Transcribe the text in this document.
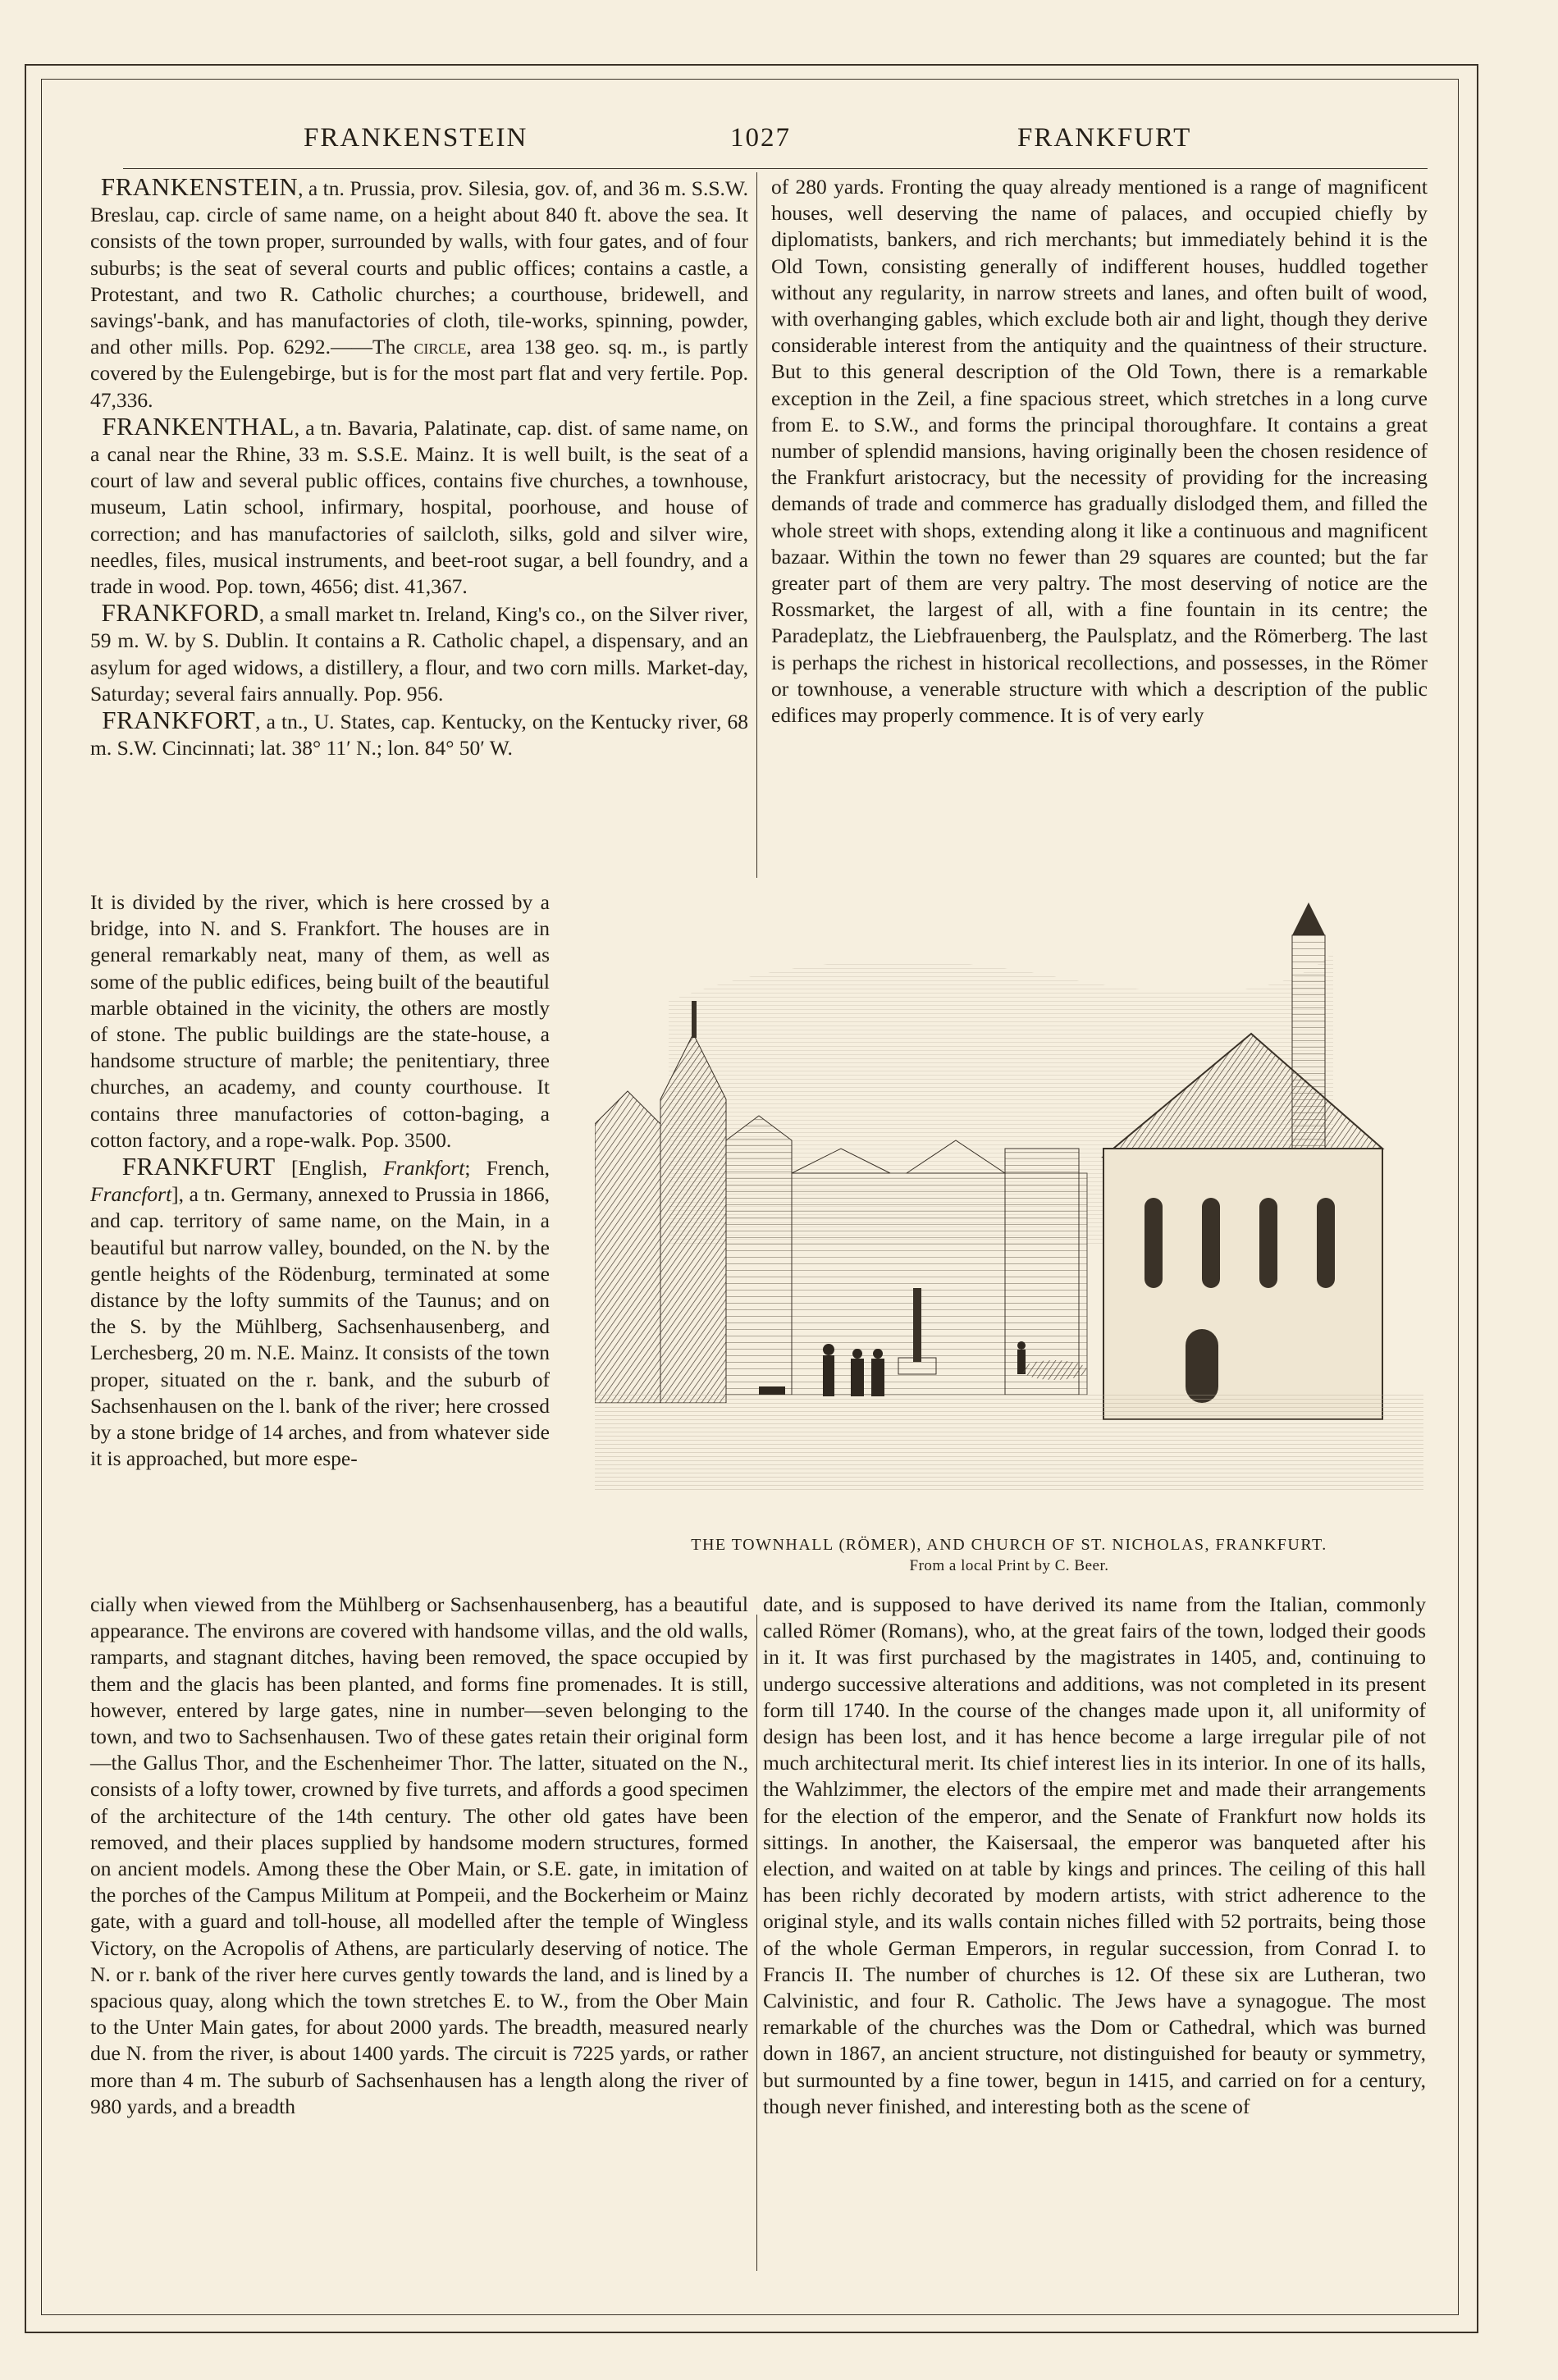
FRANKENSTEIN	1027	FRANKFURT

FRANKENSTEIN, a tn. Prussia, prov. Silesia, gov. of, and 36 m. S.S.W. Breslau, cap. circle of same name, on a height about 840 ft. above the sea. It consists of the town proper, surrounded by walls, with four gates, and of four suburbs; is the seat of several courts and public offices; contains a castle, a Protestant, and two R. Catholic churches; a courthouse, bridewell, and savings'-bank, and has manufactories of cloth, tile-works, spinning, powder, and other mills. Pop. 6292.——The circle, area 138 geo. sq. m., is partly covered by the Eulengebirge, but is for the most part flat and very fertile. Pop. 47,336.

FRANKENTHAL, a tn. Bavaria, Palatinate, cap. dist. of same name, on a canal near the Rhine, 33 m. S.S.E. Mainz. It is well built, is the seat of a court of law and several public offices, contains five churches, a townhouse, museum, Latin school, infirmary, hospital, poorhouse, and house of correction; and has manufactories of sailcloth, silks, gold and silver wire, needles, files, musical instruments, and beet-root sugar, a bell foundry, and a trade in wood. Pop. town, 4656; dist. 41,367.

FRANKFORD, a small market tn. Ireland, King's co., on the Silver river, 59 m. W. by S. Dublin. It contains a R. Catholic chapel, a dispensary, and an asylum for aged widows, a distillery, a flour, and two corn mills. Market-day, Saturday; several fairs annually. Pop. 956.

FRANKFORT, a tn., U. States, cap. Kentucky, on the Kentucky river, 68 m. S.W. Cincinnati; lat. 38° 11′ N.; lon. 84° 50′ W.

It is divided by the river, which is here crossed by a bridge, into N. and S. Frankfort. The houses are in general remarkably neat, many of them, as well as some of the public edifices, being built of the beautiful marble obtained in the vicinity, the others are mostly of stone. The public buildings are the state-house, a handsome structure of marble; the penitentiary, three churches, an academy, and county courthouse. It contains three manufactories of cotton-baging, a cotton factory, and a rope-walk. Pop. 3500.

FRANKFURT [English, Frankfort; French, Francfort], a tn. Germany, annexed to Prussia in 1866, and cap. territory of same name, on the Main, in a beautiful but narrow valley, bounded, on the N. by the gentle heights of the Rödenburg, terminated at some distance by the lofty summits of the Taunus; and on the S. by the Mühlberg, Sachsenhausenberg, and Lerchesberg, 20 m. N.E. Mainz. It consists of the town proper, situated on the r. bank, and the suburb of Sachsenhausen on the l. bank of the river; here crossed by a stone bridge of 14 arches, and from whatever side it is approached, but more espe-

cially when viewed from the Mühlberg or Sachsenhausenberg, has a beautiful appearance. The environs are covered with handsome villas, and the old walls, ramparts, and stagnant ditches, having been removed, the space occupied by them and the glacis has been planted, and forms fine promenades. It is still, however, entered by large gates, nine in number—seven belonging to the town, and two to Sachsenhausen. Two of these gates retain their original form—the Gallus Thor, and the Eschenheimer Thor. The latter, situated on the N., consists of a lofty tower, crowned by five turrets, and affords a good specimen of the architecture of the 14th century. The other old gates have been removed, and their places supplied by handsome modern structures, formed on ancient models. Among these the Ober Main, or S.E. gate, in imitation of the porches of the Campus Militum at Pompeii, and the Bockerheim or Mainz gate, with a guard and toll-house, all modelled after the temple of Wingless Victory, on the Acropolis of Athens, are particularly deserving of notice. The N. or r. bank of the river here curves gently towards the land, and is lined by a spacious quay, along which the town stretches E. to W., from the Ober Main to the Unter Main gates, for about 2000 yards. The breadth, measured nearly due N. from the river, is about 1400 yards. The circuit is 7225 yards, or rather more than 4 m. The suburb of Sachsenhausen has a length along the river of 980 yards, and a breadth

of 280 yards. Fronting the quay already mentioned is a range of magnificent houses, well deserving the name of palaces, and occupied chiefly by diplomatists, bankers, and rich merchants; but immediately behind it is the Old Town, consisting generally of indifferent houses, huddled together without any regularity, in narrow streets and lanes, and often built of wood, with overhanging gables, which exclude both air and light, though they derive considerable interest from the antiquity and the quaintness of their structure. But to this general description of the Old Town, there is a remarkable exception in the Zeil, a fine spacious street, which stretches in a long curve from E. to S.W., and forms the principal thoroughfare. It contains a great number of splendid mansions, having originally been the chosen residence of the Frankfurt aristocracy, but the necessity of providing for the increasing demands of trade and commerce has gradually dislodged them, and filled the whole street with shops, extending along it like a continuous and magnificent bazaar. Within the town no fewer than 29 squares are counted; but the far greater part of them are very paltry. The most deserving of notice are the Rossmarket, the largest of all, with a fine fountain in its centre; the Paradeplatz, the Liebfrauenberg, the Paulsplatz, and the Römerberg. The last is perhaps the richest in historical recollections, and possesses, in the Römer or townhouse, a venerable structure with which a description of the public edifices may properly commence. It is of very early

THE TOWNHALL (RÖMER), AND CHURCH OF ST. NICHOLAS, FRANKFURT.
From a local Print by C. Beer.

date, and is supposed to have derived its name from the Italian, commonly called Römer (Romans), who, at the great fairs of the town, lodged their goods in it. It was first purchased by the magistrates in 1405, and, continuing to undergo successive alterations and additions, was not completed in its present form till 1740. In the course of the changes made upon it, all uniformity of design has been lost, and it has hence become a large irregular pile of not much architectural merit. Its chief interest lies in its interior. In one of its halls, the Wahlzimmer, the electors of the empire met and made their arrangements for the election of the emperor, and the Senate of Frankfurt now holds its sittings. In another, the Kaisersaal, the emperor was banqueted after his election, and waited on at table by kings and princes. The ceiling of this hall has been richly decorated by modern artists, with strict adherence to the original style, and its walls contain niches filled with 52 portraits, being those of the whole German Emperors, in regular succession, from Conrad I. to Francis II. The number of churches is 12. Of these six are Lutheran, two Calvinistic, and four R. Catholic. The Jews have a synagogue. The most remarkable of the churches was the Dom or Cathedral, which was burned down in 1867, an ancient structure, not distinguished for beauty or symmetry, but surmounted by a fine tower, begun in 1415, and carried on for a century, though never finished, and interesting both as the scene of
